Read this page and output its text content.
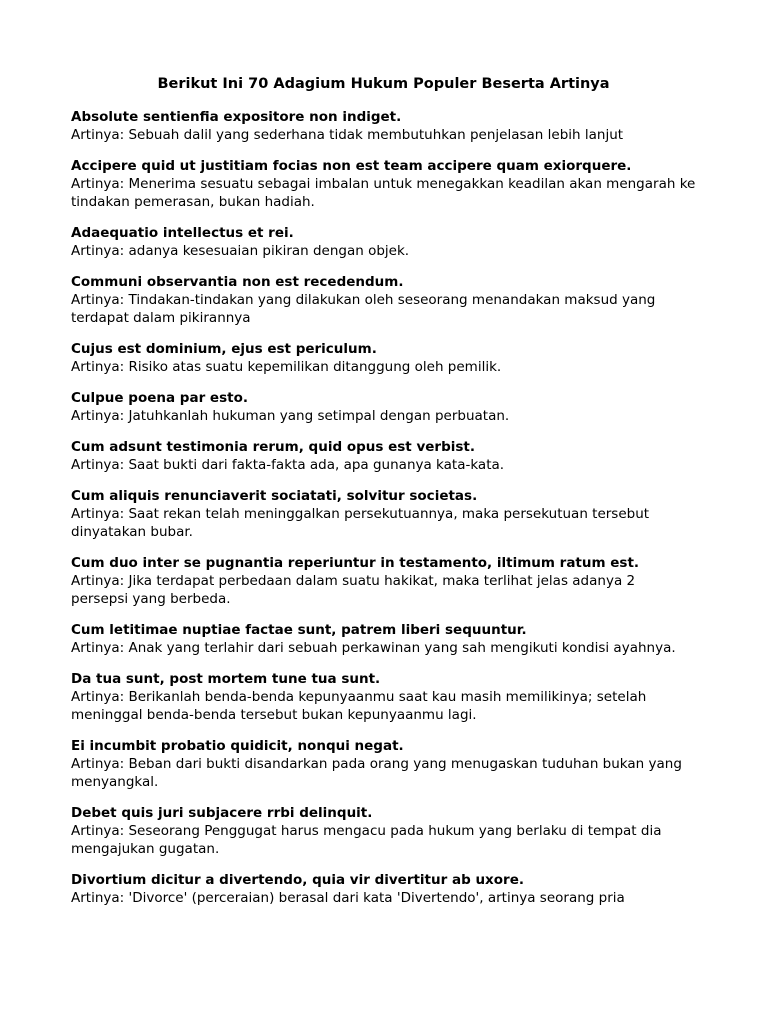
Berikut Ini 70 Adagium Hukum Populer Beserta Artinya
Absolute sentienfia expositore non indiget.
Artinya: Sebuah dalil yang sederhana tidak membutuhkan penjelasan lebih lanjut
Accipere quid ut justitiam focias non est team accipere quam exiorquere.
Artinya: Menerima sesuatu sebagai imbalan untuk menegakkan keadilan akan mengarah ke tindakan pemerasan, bukan hadiah.
Adaequatio intellectus et rei.
Artinya: adanya kesesuaian pikiran dengan objek.
Communi observantia non est recedendum.
Artinya: Tindakan-tindakan yang dilakukan oleh seseorang menandakan maksud yang terdapat dalam pikirannya
Cujus est dominium, ejus est periculum.
Artinya: Risiko atas suatu kepemilikan ditanggung oleh pemilik.
Culpue poena par esto.
Artinya: Jatuhkanlah hukuman yang setimpal dengan perbuatan.
Cum adsunt testimonia rerum, quid opus est verbist.
Artinya: Saat bukti dari fakta-fakta ada, apa gunanya kata-kata.
Cum aliquis renunciaverit sociatati, solvitur societas.
Artinya: Saat rekan telah meninggalkan persekutuannya, maka persekutuan tersebut dinyatakan bubar.
Cum duo inter se pugnantia reperiuntur in testamento, iltimum ratum est.
Artinya: Jika terdapat perbedaan dalam suatu hakikat, maka terlihat jelas adanya 2 persepsi yang berbeda.
Cum letitimae nuptiae factae sunt, patrem liberi sequuntur.
Artinya: Anak yang terlahir dari sebuah perkawinan yang sah mengikuti kondisi ayahnya.
Da tua sunt, post mortem tune tua sunt.
Artinya: Berikanlah benda-benda kepunyaanmu saat kau masih memilikinya; setelah meninggal benda-benda tersebut bukan kepunyaanmu lagi.
Ei incumbit probatio quidicit, nonqui negat.
Artinya: Beban dari bukti disandarkan pada orang yang menugaskan tuduhan bukan yang menyangkal.
Debet quis juri subjacere rrbi delinquit.
Artinya: Seseorang Penggugat harus mengacu pada hukum yang berlaku di tempat dia mengajukan gugatan.
Divortium dicitur a divertendo, quia vir divertitur ab uxore.
Artinya: 'Divorce' (perceraian) berasal dari kata 'Divertendo', artinya seorang pria
